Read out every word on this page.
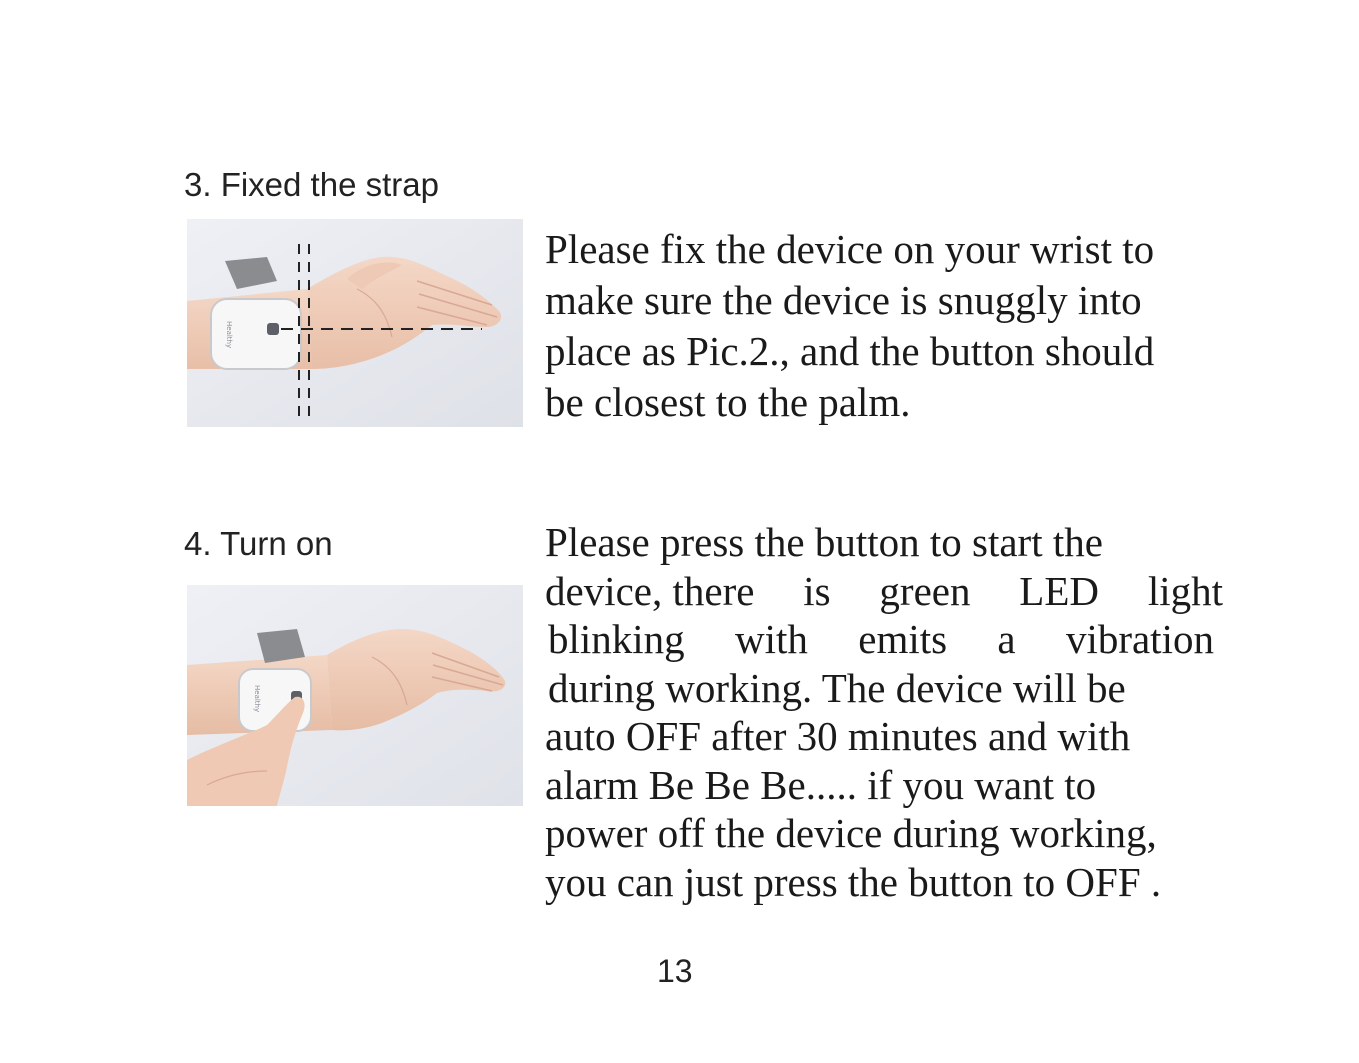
3. Fixed the strap
Healthy
Please fix the device on your wrist to
make sure the device is snuggly into
place as Pic.2., and the button should
be closest to the palm.
4. Turn on
Healthy
Please press the button to start the
device, there is green LED light
blinking with emits a vibration
during working. The device will be
auto OFF after 30 minutes and with
alarm Be Be Be..... if you want to
power off the device during working,
you can just press the button to OFF .
13
